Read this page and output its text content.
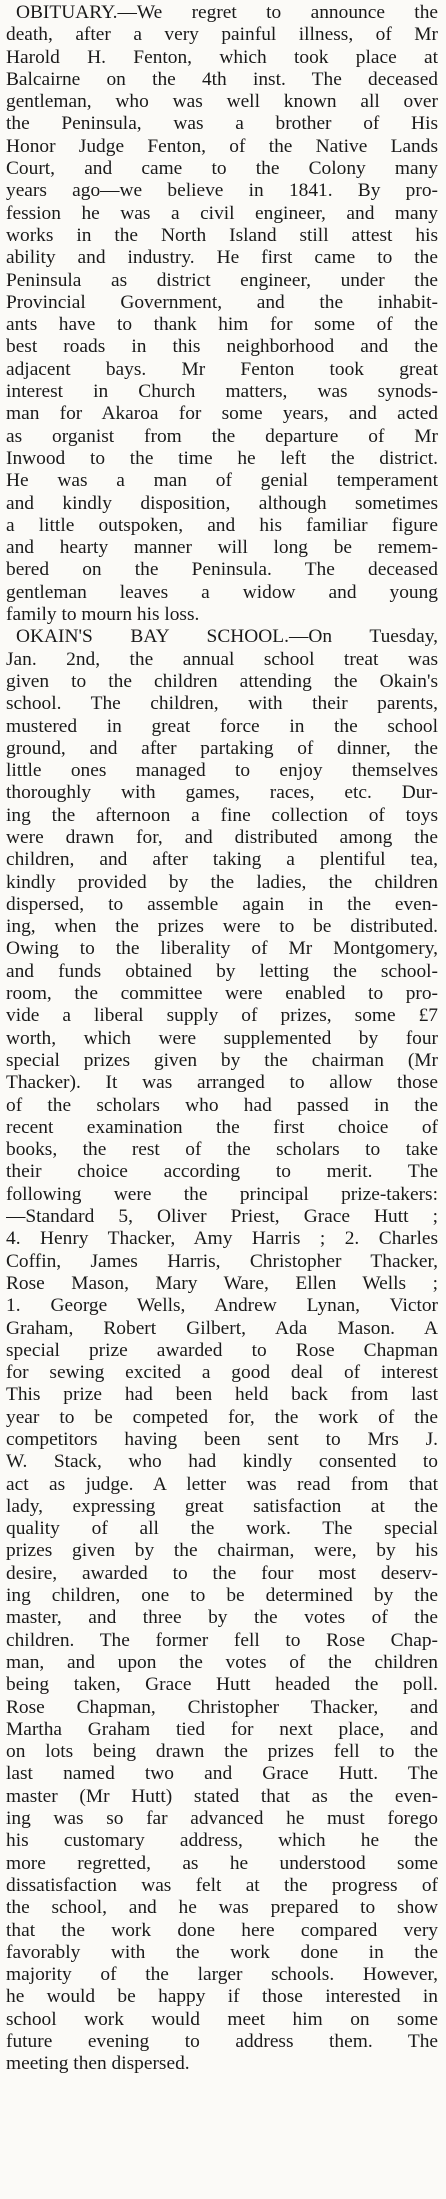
OBITUARY.—We regret to announce the
death, after a very painful illness, of Mr
Harold H. Fenton, which took place at
Balcairne on the 4th inst. The deceased
gentleman, who was well known all over
the Peninsula, was a brother of His
Honor Judge Fenton, of the Native Lands
Court, and came to the Colony many
years ago—we believe in 1841. By pro-
fession he was a civil engineer, and many
works in the North Island still attest his
ability and industry. He first came to the
Peninsula as district engineer, under the
Provincial Government, and the inhabit-
ants have to thank him for some of the
best roads in this neighborhood and the
adjacent bays. Mr Fenton took great
interest in Church matters, was synods-
man for Akaroa for some years, and acted
as organist from the departure of Mr
Inwood to the time he left the district.
He was a man of genial temperament
and kindly disposition, although sometimes
a little outspoken, and his familiar figure
and hearty manner will long be remem-
bered on the Peninsula. The deceased
gentleman leaves a widow and young
family to mourn his loss.
OKAIN'S BAY SCHOOL.—On Tuesday,
Jan. 2nd, the annual school treat was
given to the children attending the Okain's
school. The children, with their parents,
mustered in great force in the school
ground, and after partaking of dinner, the
little ones managed to enjoy themselves
thoroughly with games, races, etc. Dur-
ing the afternoon a fine collection of toys
were drawn for, and distributed among the
children, and after taking a plentiful tea,
kindly provided by the ladies, the children
dispersed, to assemble again in the even-
ing, when the prizes were to be distributed.
Owing to the liberality of Mr Montgomery,
and funds obtained by letting the school-
room, the committee were enabled to pro-
vide a liberal supply of prizes, some £7
worth, which were supplemented by four
special prizes given by the chairman (Mr
Thacker). It was arranged to allow those
of the scholars who had passed in the
recent examination the first choice of
books, the rest of the scholars to take
their choice according to merit. The
following were the principal prize-takers:
—Standard 5, Oliver Priest, Grace Hutt ;
4. Henry Thacker, Amy Harris ; 2. Charles
Coffin, James Harris, Christopher Thacker,
Rose Mason, Mary Ware, Ellen Wells ;
1. George Wells, Andrew Lynan, Victor
Graham, Robert Gilbert, Ada Mason. A
special prize awarded to Rose Chapman
for sewing excited a good deal of interest
This prize had been held back from last
year to be competed for, the work of the
competitors having been sent to Mrs J.
W. Stack, who had kindly consented to
act as judge. A letter was read from that
lady, expressing great satisfaction at the
quality of all the work. The special
prizes given by the chairman, were, by his
desire, awarded to the four most deserv-
ing children, one to be determined by the
master, and three by the votes of the
children. The former fell to Rose Chap-
man, and upon the votes of the children
being taken, Grace Hutt headed the poll.
Rose Chapman, Christopher Thacker, and
Martha Graham tied for next place, and
on lots being drawn the prizes fell to the
last named two and Grace Hutt. The
master (Mr Hutt) stated that as the even-
ing was so far advanced he must forego
his customary address, which he the
more regretted, as he understood some
dissatisfaction was felt at the progress of
the school, and he was prepared to show
that the work done here compared very
favorably with the work done in the
majority of the larger schools. However,
he would be happy if those interested in
school work would meet him on some
future evening to address them. The
meeting then dispersed.
